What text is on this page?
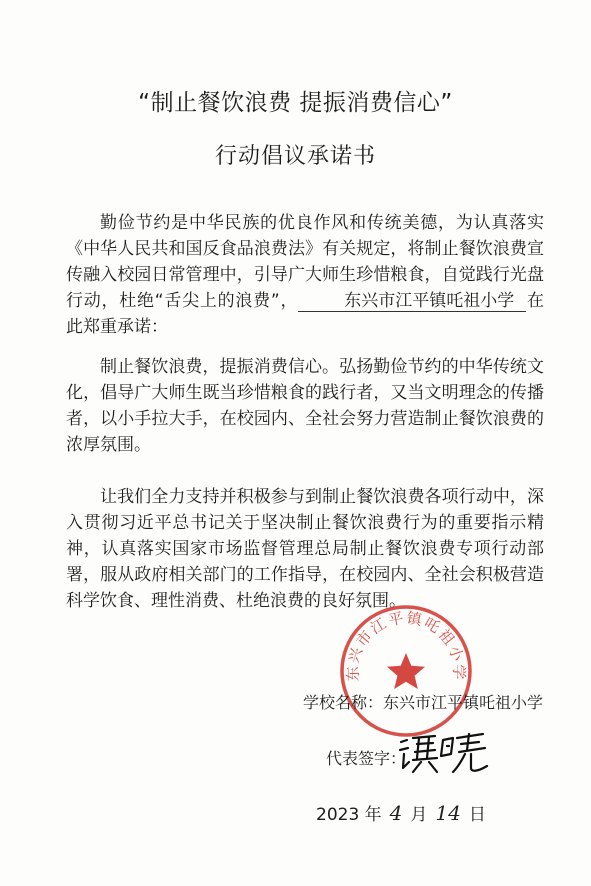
“制止餐饮浪费 提振消费信心”
行动倡议承诺书

勤俭节约是中华民族的优良作风和传统美德，为认真落实《中华人民共和国反食品浪费法》有关规定，将制止餐饮浪费宣传融入校园日常管理中，引导广大师生珍惜粮食，自觉践行光盘行动，杜绝“舌尖上的浪费”，	东兴市江平镇吒祖小学 在此郑重承诺：

制止餐饮浪费，提振消费信心。弘扬勤俭节约的中华传统文化，倡导广大师生既当珍惜粮食的践行者，又当文明理念的传播者，以小手拉大手，在校园内、全社会努力营造制止餐饮浪费的浓厚氛围。

让我们全力支持并积极参与到制止餐饮浪费各项行动中，深入贯彻习近平总书记关于坚决制止餐饮浪费行为的重要指示精神，认真落实国家市场监督管理总局制止餐饮浪费专项行动部署，服从政府相关部门的工作指导，在校园内、全社会积极营造科学饮食、理性消费、杜绝浪费的良好氛围。

东兴市江平镇吒祖小学
学校名称：东兴市江平镇吒祖小学
代表签字：
2023 年 4 月 14 日
